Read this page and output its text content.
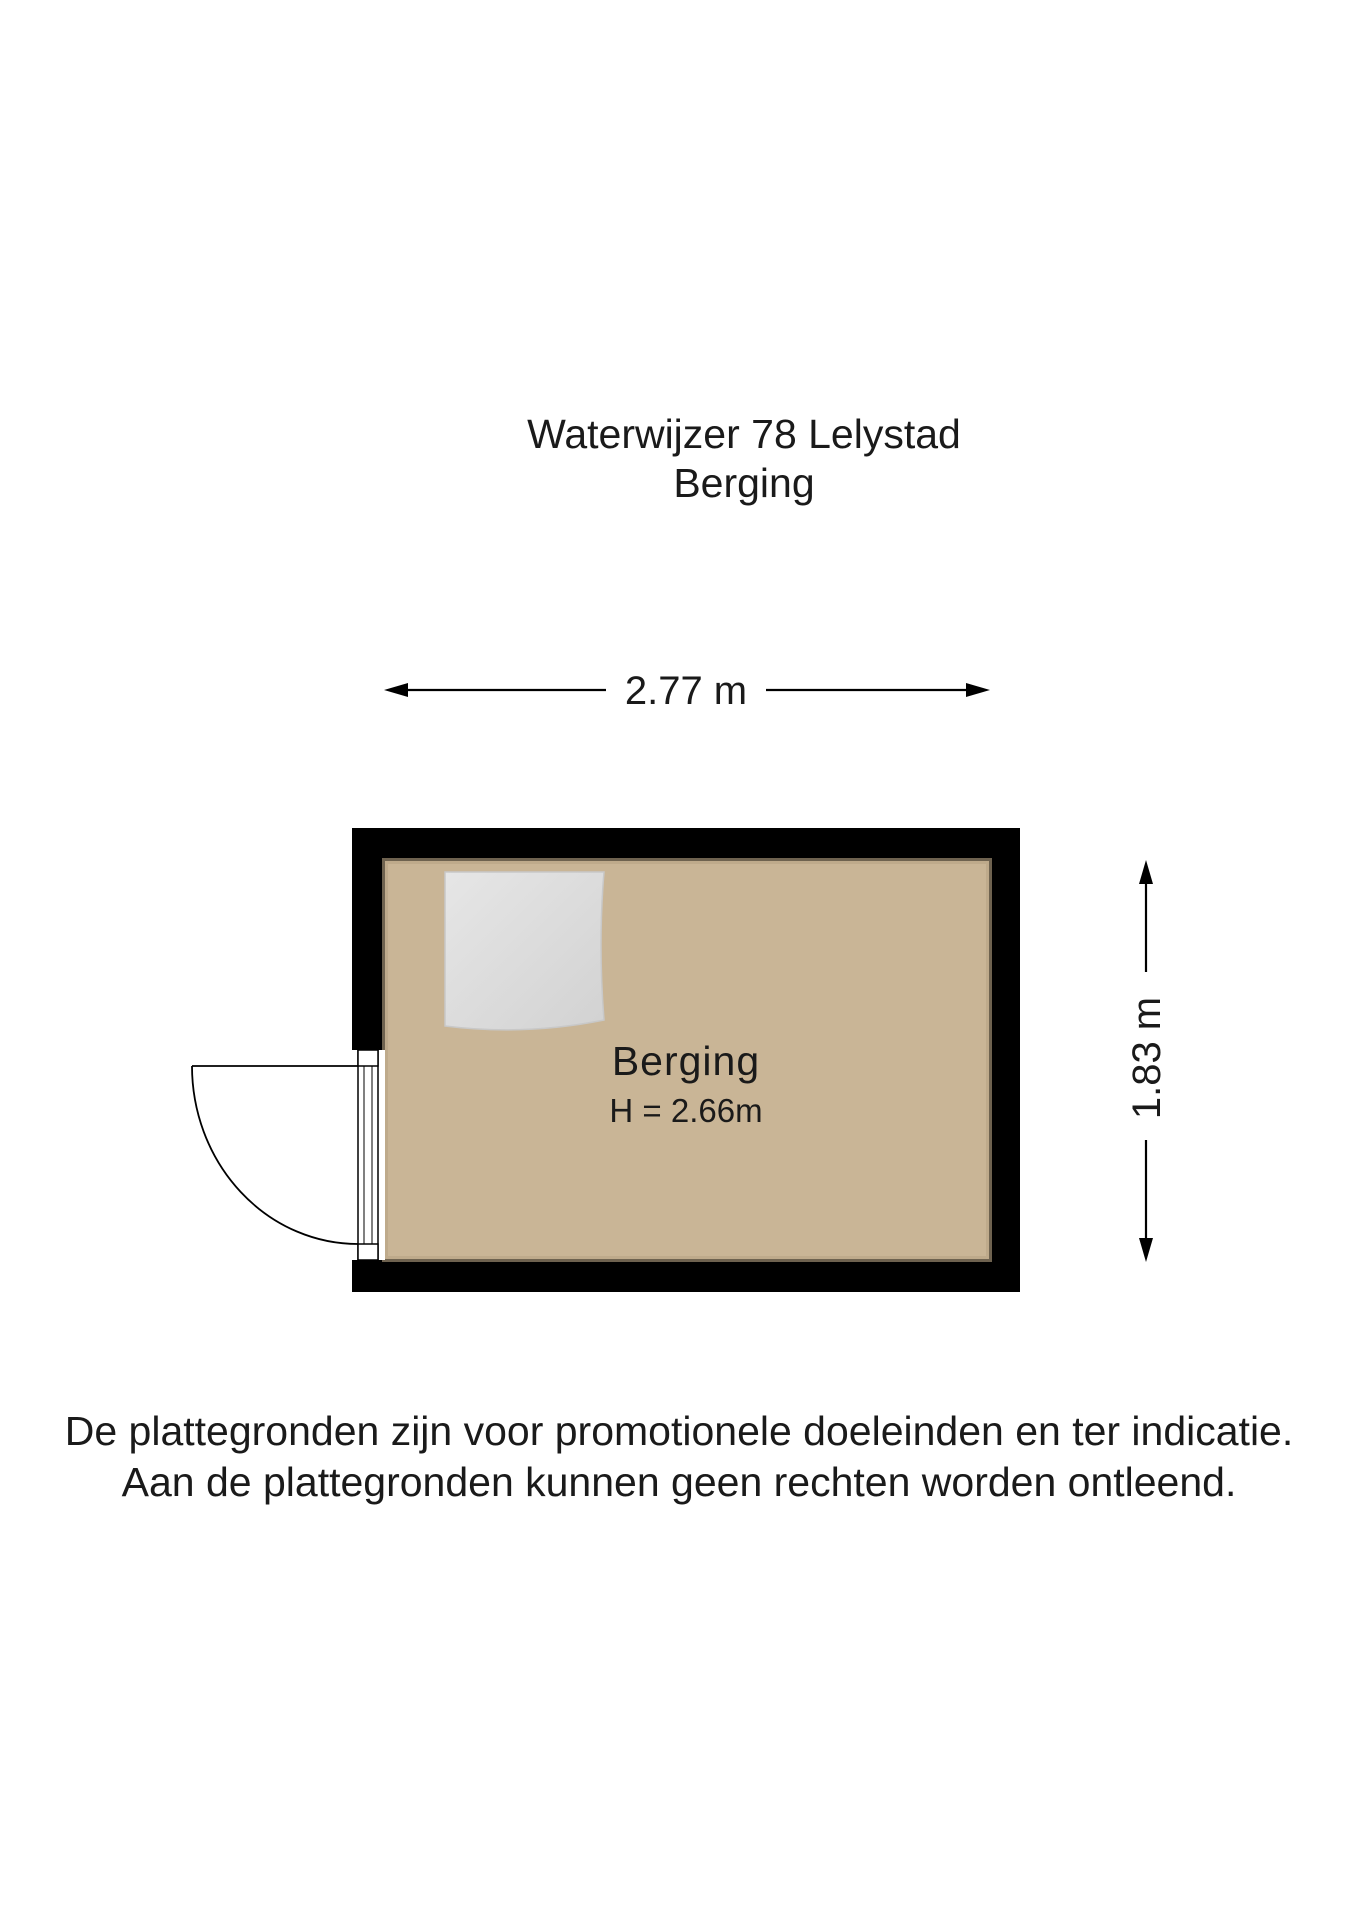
Waterwijzer 78 Lelystad
Berging
2.77 m
1.83 m
Berging
H = 2.66m
De plattegronden zijn voor promotionele doeleinden en ter indicatie.
Aan de plattegronden kunnen geen rechten worden ontleend.
